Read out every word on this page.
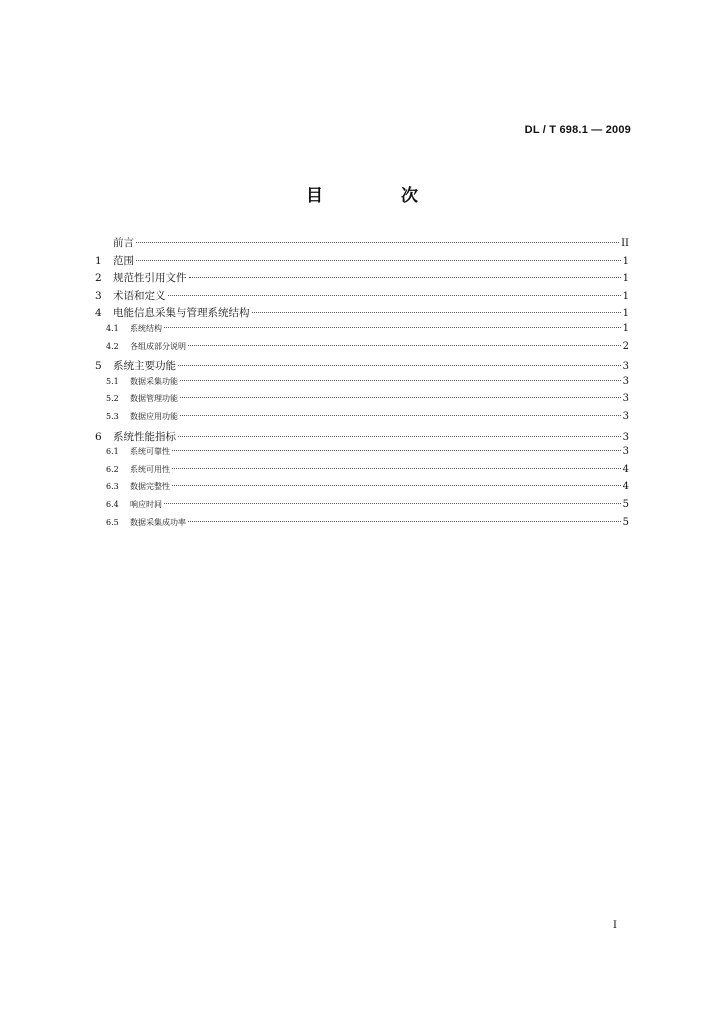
DL / T 698.1 — 2009
目 次
前言	II
1	范围	1
2	规范性引用文件	1
3	术语和定义	1
4	电能信息采集与管理系统结构	1
4.1	系统结构	1
4.2	各组成部分说明	2
5	系统主要功能	3
5.1	数据采集功能	3
5.2	数据管理功能	3
5.3	数据应用功能	3
6	系统性能指标	3
6.1	系统可靠性	3
6.2	系统可用性	4
6.3	数据完整性	4
6.4	响应时间	5
6.5	数据采集成功率	5
I
